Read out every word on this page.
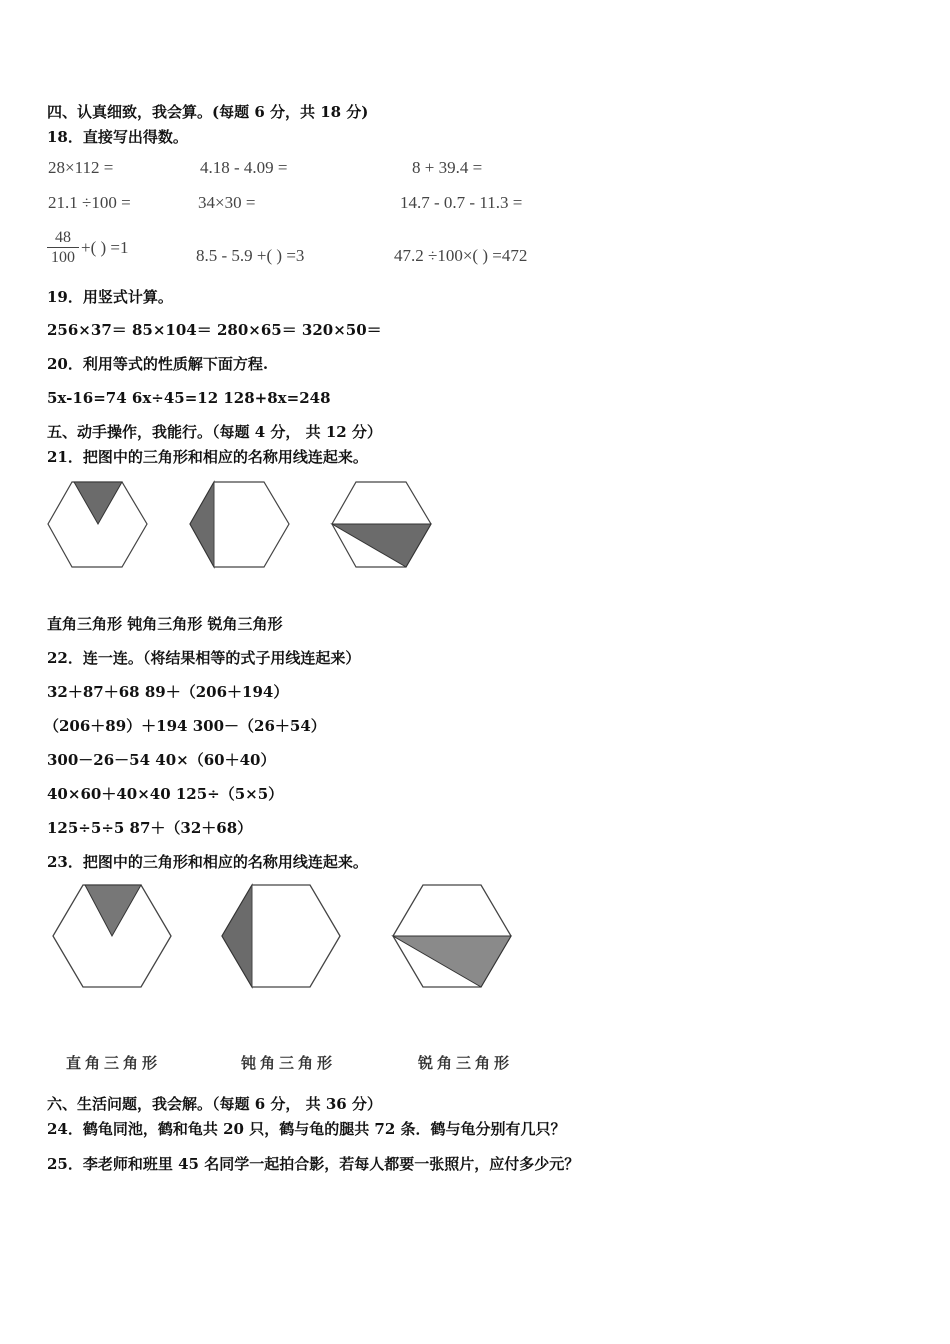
四、认真细致，我会算。(每题 6 分，共 18 分)
18．直接写出得数。
28×112 =	4.18 - 4.09 =	8 + 39.4 =
21.1 ÷100 =	34×30 =	14.7 - 0.7 - 11.3 =
$\frac{48}{100}$ +( ) =1	8.5 - 5.9 +( ) =3	47.2 ÷100×( ) =472
19．用竖式计算。
256×37＝ 85×104＝ 280×65＝ 320×50＝
20．利用等式的性质解下面方程.
5x-16=74 6x÷45=12 128+8x=248
五、动手操作，我能行。（每题 4 分， 共 12 分）
21．把图中的三角形和相应的名称用线连起来。
直角三角形 钝角三角形 锐角三角形
22．连一连。（将结果相等的式子用线连起来）
32＋87＋68 89＋（206＋194）
（206＋89）＋194 300－（26＋54）
300－26－54 40×（60＋40）
40×60＋40×40 125÷（5×5）
125÷5÷5 87＋（32＋68）
23．把图中的三角形和相应的名称用线连起来。
直角三角形	钝角三角形	锐角三角形
六、生活问题，我会解。（每题 6 分， 共 36 分）
24．鹤龟同池，鹤和龟共 20 只，鹤与龟的腿共 72 条．鹤与龟分别有几只？
25．李老师和班里 45 名同学一起拍合影，若每人都要一张照片，应付多少元？
